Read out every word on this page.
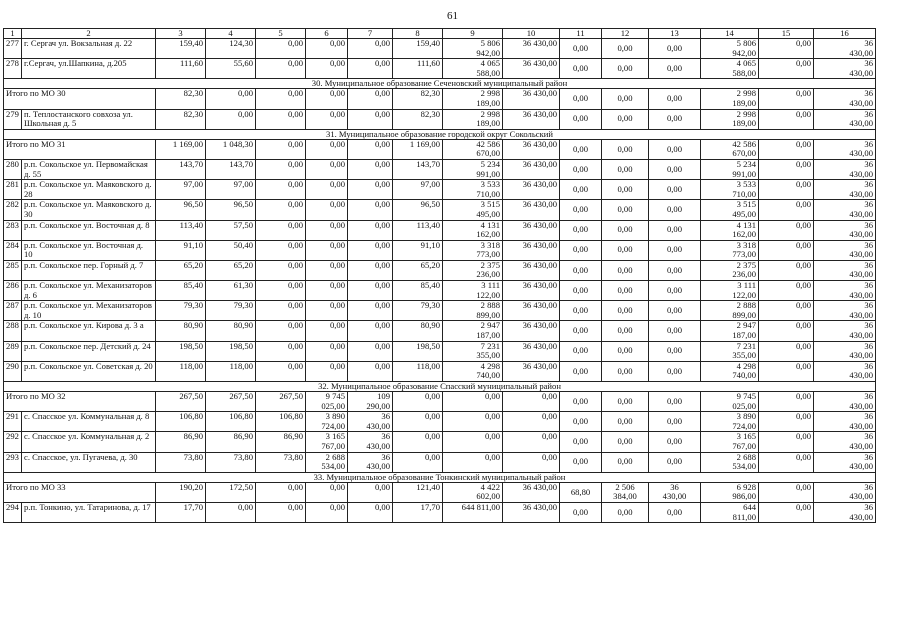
61
1	2	3	4	5	6	7	8	9	10	11	12	13	14	15	16
277	г. Сергач ул. Вокзальная д. 22	159,40	124,30	0,00	0,00	0,00	159,40	5 806
942,00	36 430,00	0,00	0,00	0,00	5 806
942,00	0,00	36
430,00

278	г.Сергач, ул.Шапкина, д.205	111,60	55,60	0,00	0,00	0,00	111,60	4 065
588,00	36 430,00	0,00	0,00	0,00	4 065
588,00	0,00	36
430,00

30. Муниципальное образование Сеченовский муниципальный район															
Итого по МО 30		82,30	0,00	0,00	0,00	0,00	82,30	2 998
189,00	36 430,00	0,00	0,00	0,00	2 998
189,00	0,00	36
430,00

279	п. Теплостанского совхоза ул. Школьная д. 5	82,30	0,00	0,00	0,00	0,00	82,30	2 998
189,00	36 430,00	0,00	0,00	0,00	2 998
189,00	0,00	36
430,00

31. Муниципальное образование городской округ Сокольский															
Итого по МО 31		1 169,00	1 048,30	0,00	0,00	0,00	1 169,00	42 586
670,00	36 430,00	0,00	0,00	0,00	42 586
670,00	0,00	36
430,00

280	р.п. Сокольское ул. Первомайская д. 55	143,70	143,70	0,00	0,00	0,00	143,70	5 234
991,00	36 430,00	0,00	0,00	0,00	5 234
991,00	0,00	36
430,00

281	р.п. Сокольское ул. Маяковского д. 28	97,00	97,00	0,00	0,00	0,00	97,00	3 533
710,00	36 430,00	0,00	0,00	0,00	3 533
710,00	0,00	36
430,00

282	р.п. Сокольское ул. Маяковского д. 30	96,50	96,50	0,00	0,00	0,00	96,50	3 515
495,00	36 430,00	0,00	0,00	0,00	3 515
495,00	0,00	36
430,00

283	р.п. Сокольское ул. Восточная д. 8	113,40	57,50	0,00	0,00	0,00	113,40	4 131
162,00	36 430,00	0,00	0,00	0,00	4 131
162,00	0,00	36
430,00

284	р.п. Сокольское ул. Восточная д. 10	91,10	50,40	0,00	0,00	0,00	91,10	3 318
773,00	36 430,00	0,00	0,00	0,00	3 318
773,00	0,00	36
430,00

285	р.п. Сокольское пер. Горный д. 7	65,20	65,20	0,00	0,00	0,00	65,20	2 375
236,00	36 430,00	0,00	0,00	0,00	2 375
236,00	0,00	36
430,00

286	р.п. Сокольское ул. Механизаторов д. 6	85,40	61,30	0,00	0,00	0,00	85,40	3 111
122,00	36 430,00	0,00	0,00	0,00	3 111
122,00	0,00	36
430,00

287	р.п. Сокольское ул. Механизаторов д. 10	79,30	79,30	0,00	0,00	0,00	79,30	2 888
899,00	36 430,00	0,00	0,00	0,00	2 888
899,00	0,00	36
430,00

288	р.п. Сокольское ул. Кирова д. 3 а	80,90	80,90	0,00	0,00	0,00	80,90	2 947
187,00	36 430,00	0,00	0,00	0,00	2 947
187,00	0,00	36
430,00

289	р.п. Сокольское пер. Детский д. 24	198,50	198,50	0,00	0,00	0,00	198,50	7 231
355,00	36 430,00	0,00	0,00	0,00	7 231
355,00	0,00	36
430,00

290	р.п. Сокольское ул. Советская д. 20	118,00	118,00	0,00	0,00	0,00	118,00	4 298
740,00	36 430,00	0,00	0,00	0,00	4 298
740,00	0,00	36
430,00

32. Муниципальное образование Спасский муниципальный район															
Итого по МО 32		267,50	267,50	267,50	9 745
025,00	109
290,00	0,00	0,00	0,00	0,00	0,00	0,00	9 745
025,00	0,00	36
430,00

291	с. Спасское ул. Коммунальная д. 8	106,80	106,80	106,80	3 890
724,00	36
430,00	0,00	0,00	0,00	0,00	0,00	0,00	3 890
724,00	0,00	36
430,00

292	с. Спасское ул. Коммунальная д. 2	86,90	86,90	86,90	3 165
767,00	36
430,00	0,00	0,00	0,00	0,00	0,00	0,00	3 165
767,00	0,00	36
430,00

293	с. Спасское, ул. Пугачева, д. 30	73,80	73,80	73,80	2 688
534,00	36
430,00	0,00	0,00	0,00	0,00	0,00	0,00	2 688
534,00	0,00	36
430,00

33. Муниципальное образование Тонкинский муниципальный район															
Итого по МО 33		190,20	172,50	0,00	0,00	0,00	121,40	4 422
602,00	36 430,00	68,80	2 506
384,00	36
430,00	6 928
986,00	0,00	36
430,00

294	р.п. Тонкино, ул. Татаринова, д. 17	17,70	0,00	0,00	0,00	0,00	17,70	644 811,00	36 430,00	0,00	0,00	0,00	644
811,00	0,00	36
430,00
